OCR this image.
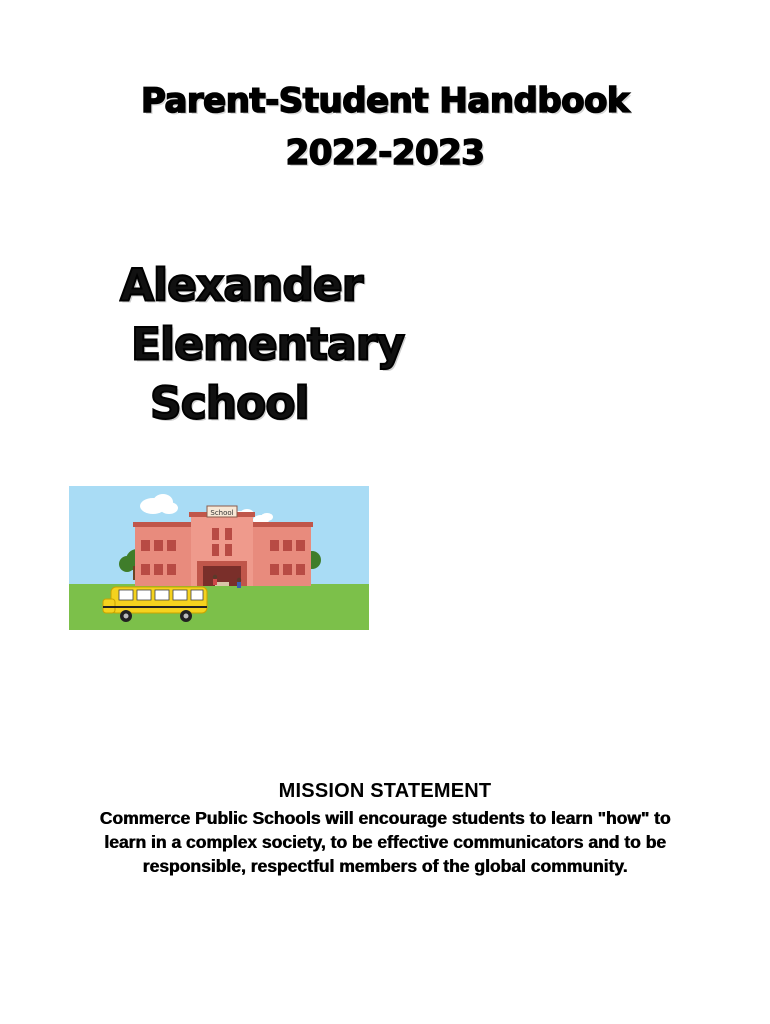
Parent-Student Handbook
2022-2023
Alexander
Elementary
School
School
MISSION STATEMENT
Commerce Public Schools will encourage students to learn "how" to
learn in a complex society, to be effective communicators and to be
responsible, respectful members of the global community.
